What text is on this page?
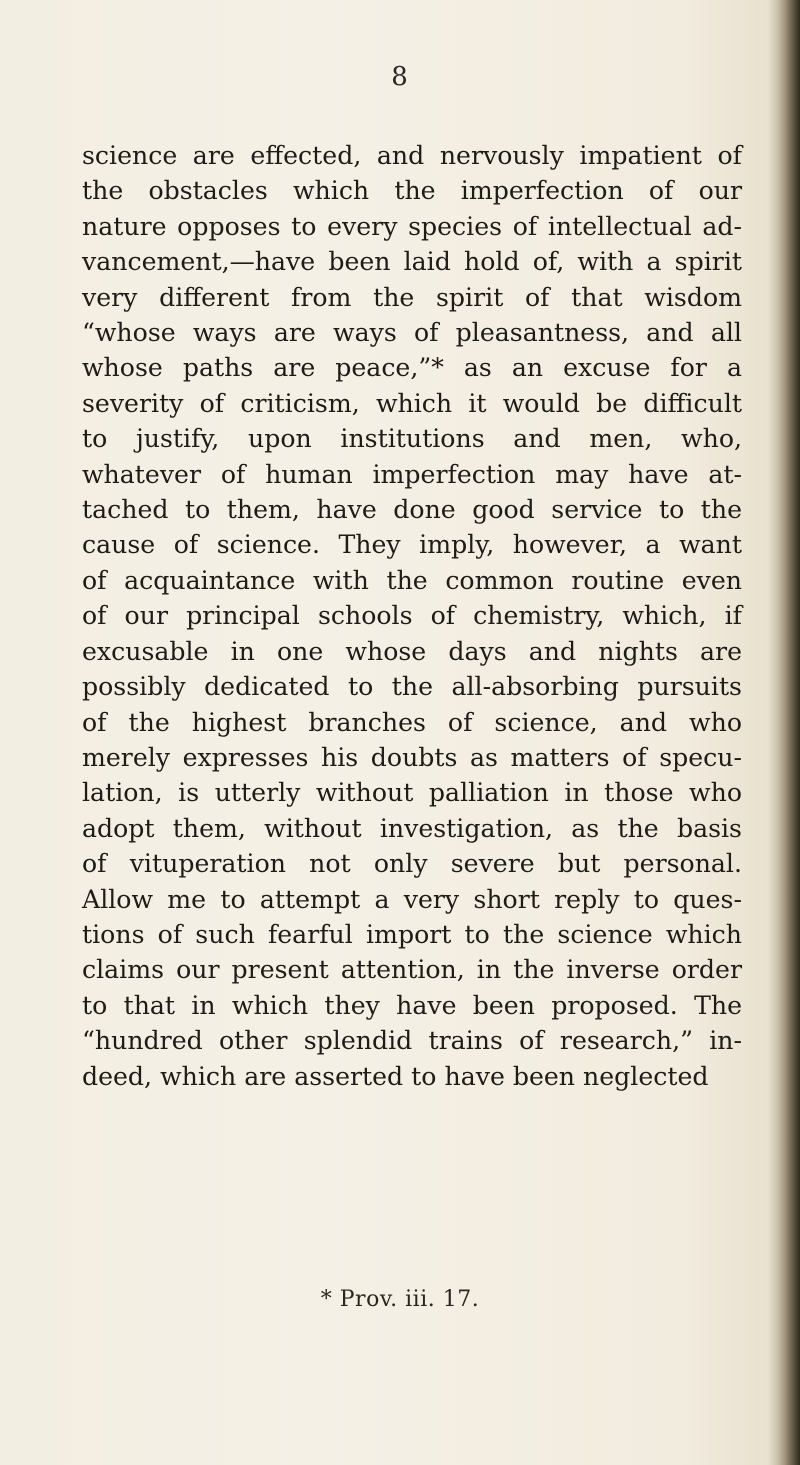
8
science are effected, and nervously impatient of
the obstacles which the imperfection of our
nature opposes to every species of intellectual ad-
vancement,—have been laid hold of, with a spirit
very different from the spirit of that wisdom
“whose ways are ways of pleasantness, and all
whose paths are peace,”* as an excuse for a
severity of criticism, which it would be difficult
to justify, upon institutions and men, who,
whatever of human imperfection may have at-
tached to them, have done good service to the
cause of science. They imply, however, a want
of acquaintance with the common routine even
of our principal schools of chemistry, which, if
excusable in one whose days and nights are
possibly dedicated to the all-absorbing pursuits
of the highest branches of science, and who
merely expresses his doubts as matters of specu-
lation, is utterly without palliation in those who
adopt them, without investigation, as the basis
of vituperation not only severe but personal.
Allow me to attempt a very short reply to ques-
tions of such fearful import to the science which
claims our present attention, in the inverse order
to that in which they have been proposed. The
“hundred other splendid trains of research,” in-
deed, which are asserted to have been neglected
* Prov. iii. 17.
